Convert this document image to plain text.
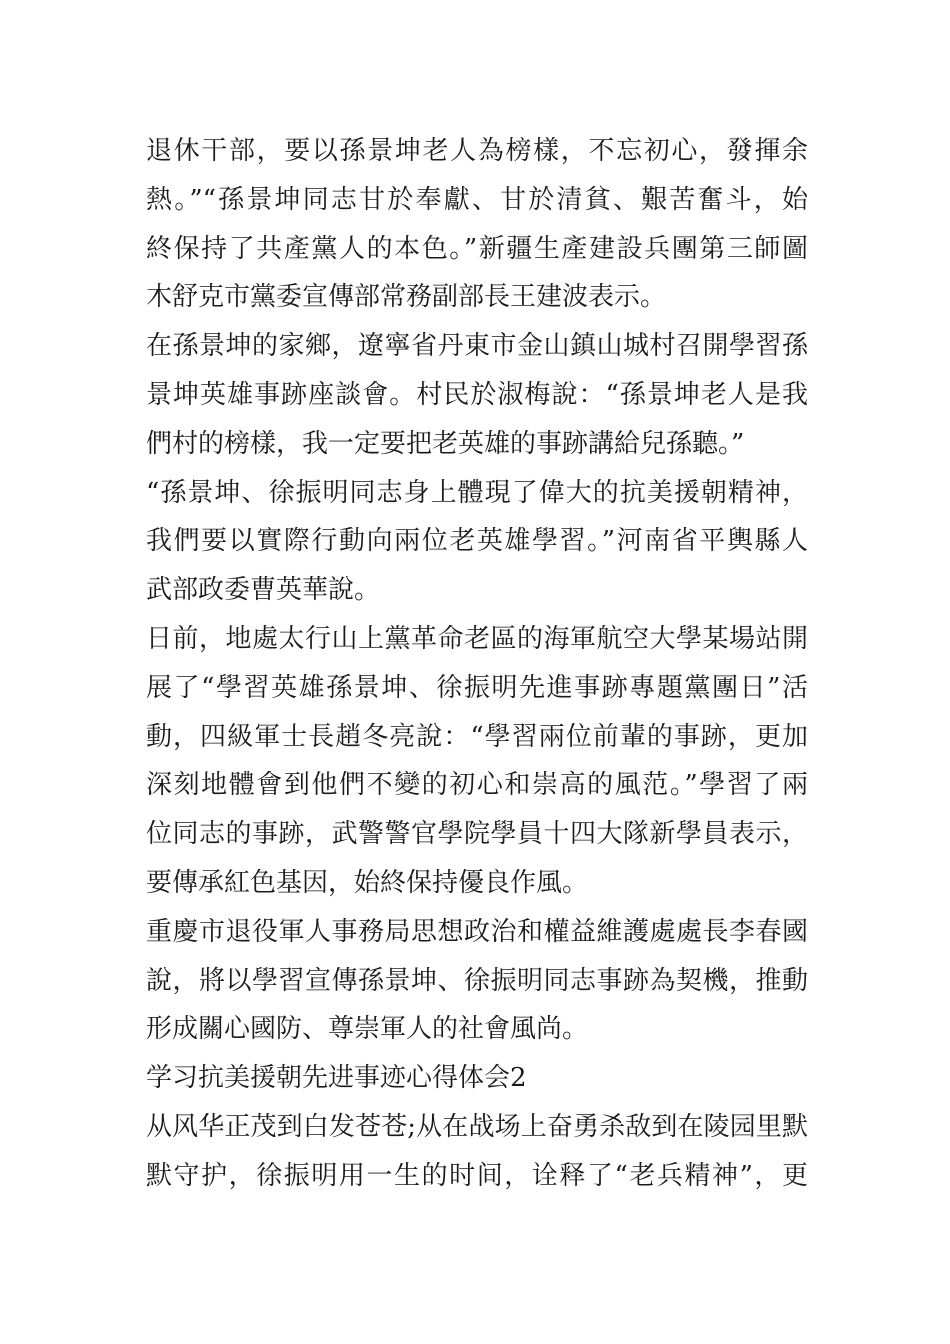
退休干部，要以孫景坤老人為榜樣，不忘初心，發揮余
熱。”“孫景坤同志甘於奉獻、甘於清貧、艱苦奮斗，始
終保持了共產黨人的本色。”新疆生產建設兵團第三師圖
木舒克市黨委宣傳部常務副部長王建波表示。
在孫景坤的家鄉，遼寧省丹東市金山鎮山城村召開學習孫
景坤英雄事跡座談會。村民於淑梅說：“孫景坤老人是我
們村的榜樣，我一定要把老英雄的事跡講給兒孫聽。”
“孫景坤、徐振明同志身上體現了偉大的抗美援朝精神，
我們要以實際行動向兩位老英雄學習。”河南省平輿縣人
武部政委曹英華說。
日前，地處太行山上黨革命老區的海軍航空大學某場站開
展了“學習英雄孫景坤、徐振明先進事跡專題黨團日”活
動，四級軍士長趙冬亮說：“學習兩位前輩的事跡，更加
深刻地體會到他們不變的初心和崇高的風范。”學習了兩
位同志的事跡，武警警官學院學員十四大隊新學員表示，
要傳承紅色基因，始終保持優良作風。
重慶市退役軍人事務局思想政治和權益維護處處長李春國
說，將以學習宣傳孫景坤、徐振明同志事跡為契機，推動
形成關心國防、尊崇軍人的社會風尚。
学习抗美援朝先进事迹心得体会2
从风华正茂到白发苍苍;从在战场上奋勇杀敌到在陵园里默
默守护，徐振明用一生的时间，诠释了“老兵精神”，更
